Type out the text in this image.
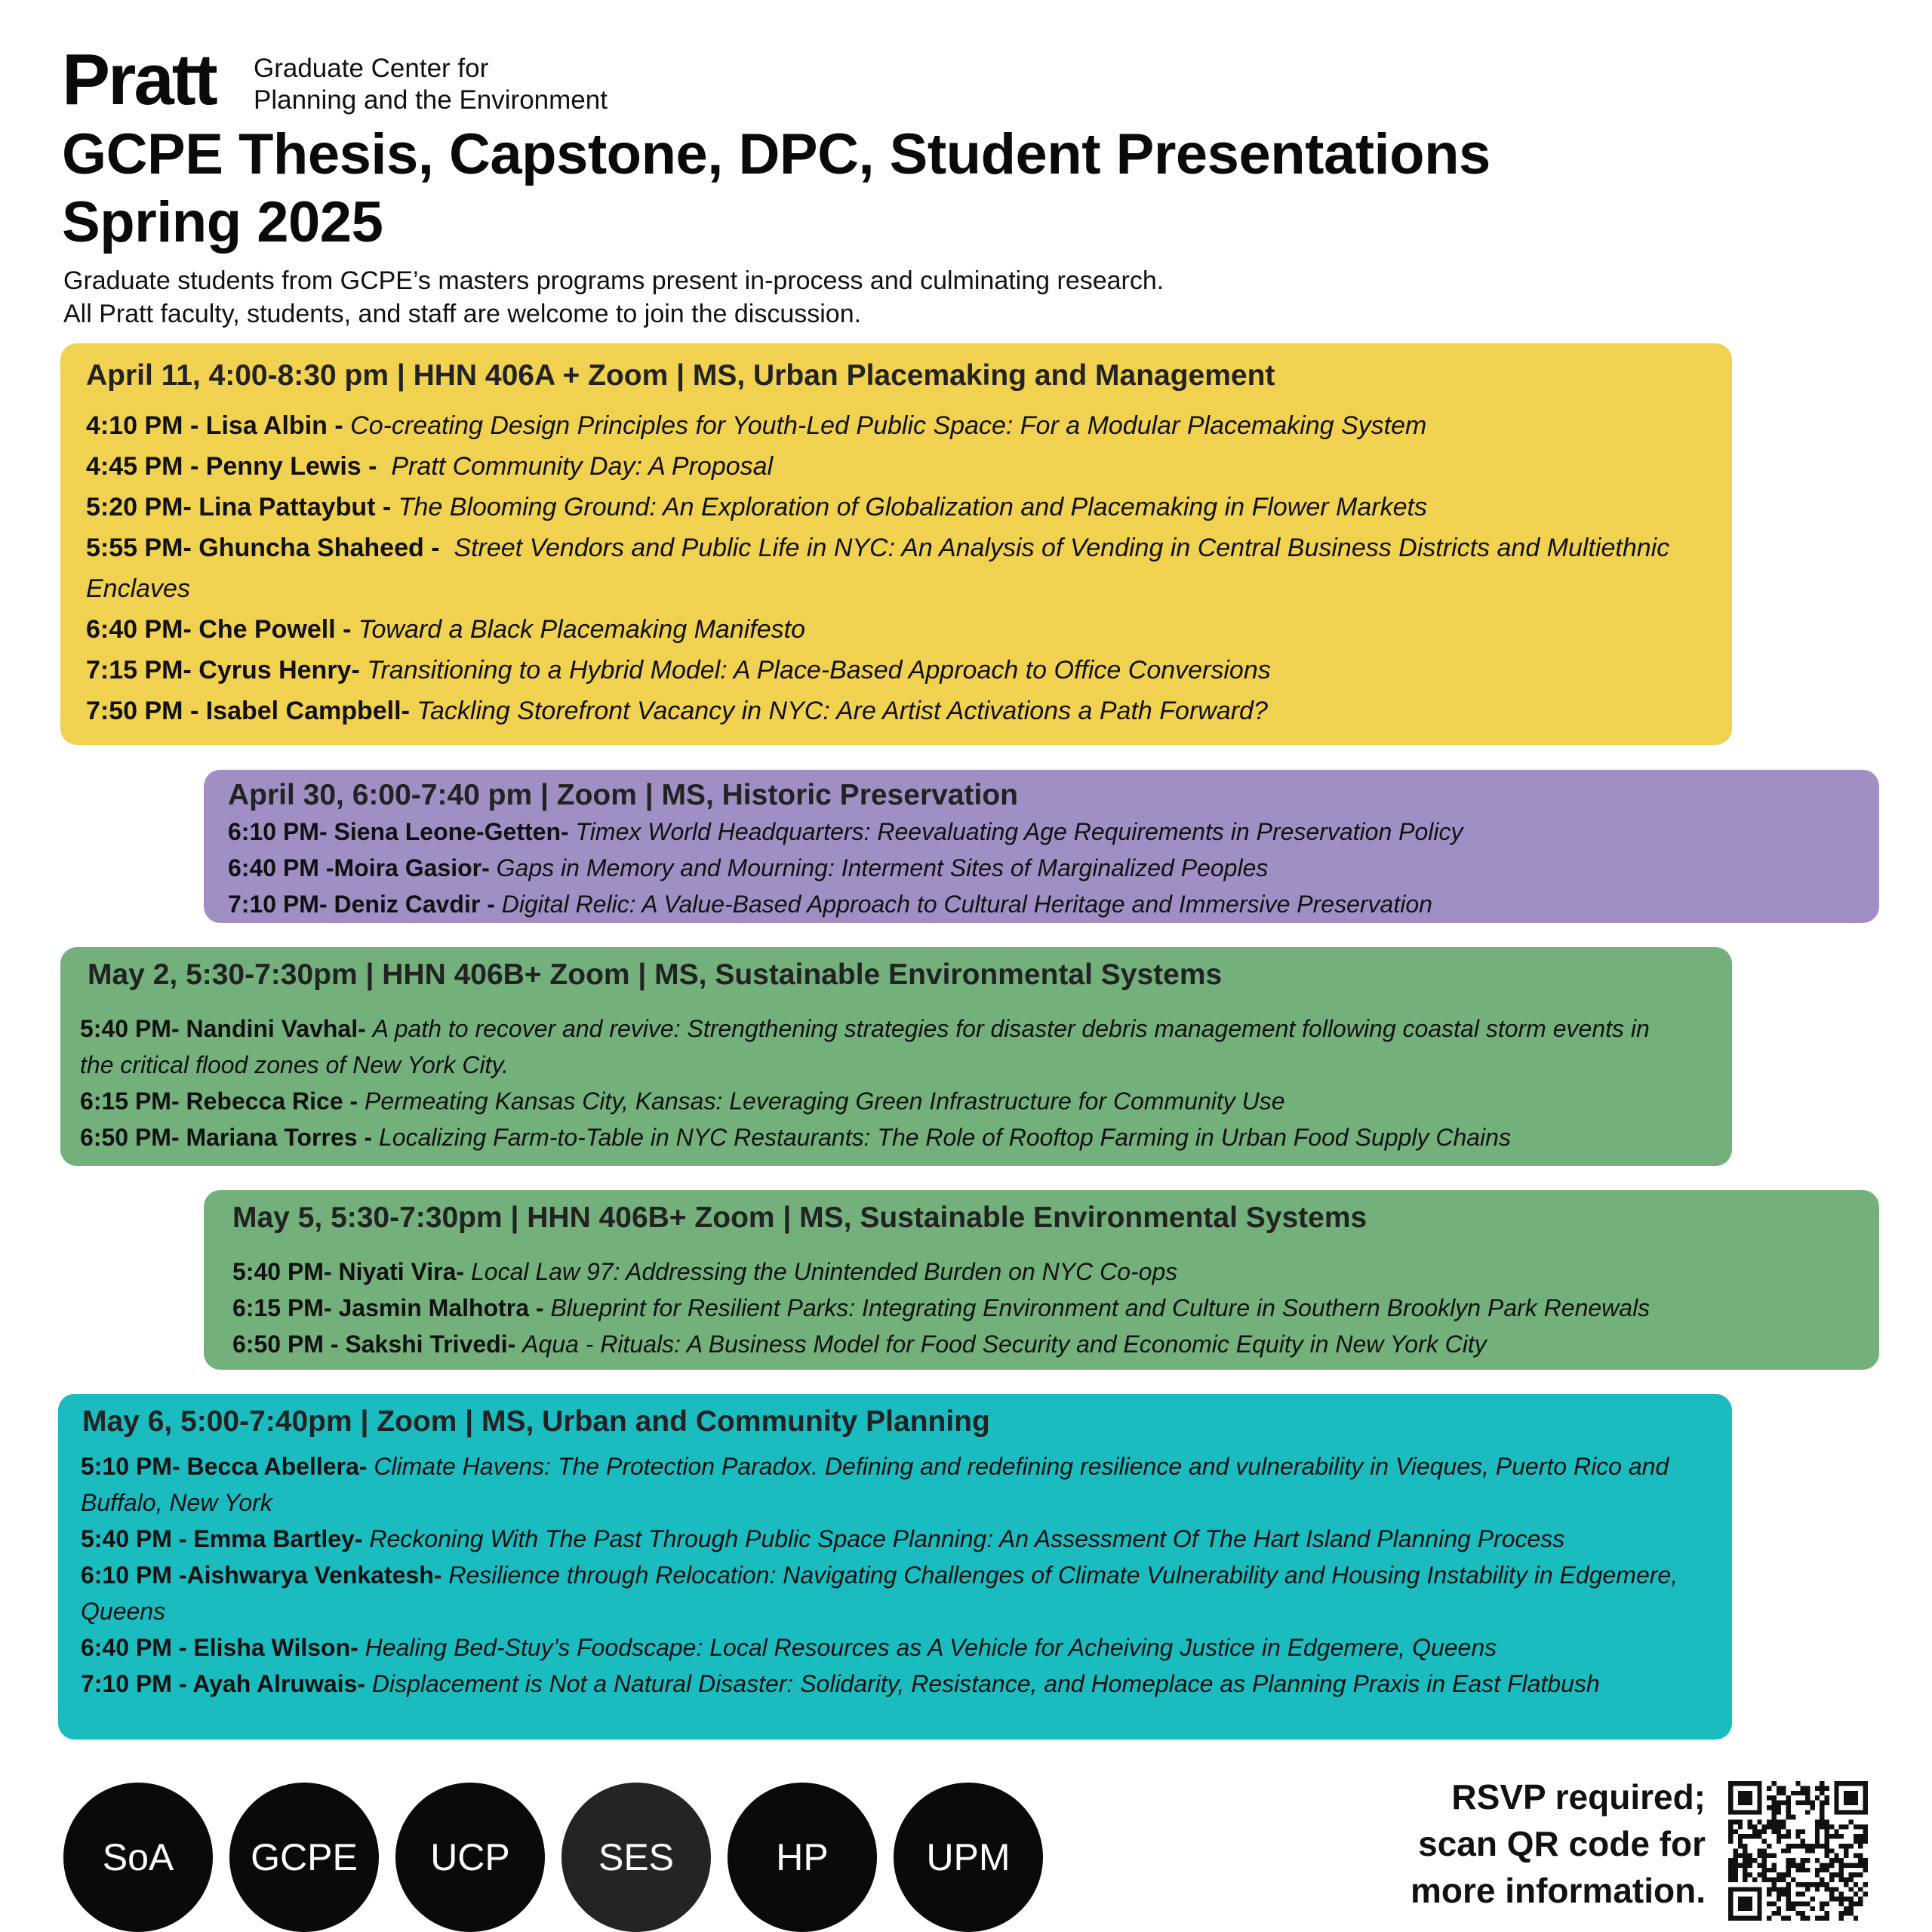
Pratt Graduate Center for
Planning and the Environment
GCPE Thesis, Capstone, DPC, Student Presentations
Spring 2025
Graduate students from GCPE’s masters programs present in-process and culminating research.
All Pratt faculty, students, and staff are welcome to join the discussion.
April 11, 4:00-8:30 pm | HHN 406A + Zoom | MS, Urban Placemaking and Management
4:10 PM - Lisa Albin - Co-creating Design Principles for Youth-Led Public Space: For a Modular Placemaking System
4:45 PM - Penny Lewis - Pratt Community Day: A Proposal
5:20 PM- Lina Pattaybut - The Blooming Ground: An Exploration of Globalization and Placemaking in Flower Markets
5:55 PM- Ghuncha Shaheed - Street Vendors and Public Life in NYC: An Analysis of Vending in Central Business Districts and Multiethnic Enclaves
6:40 PM- Che Powell - Toward a Black Placemaking Manifesto
7:15 PM- Cyrus Henry- Transitioning to a Hybrid Model: A Place-Based Approach to Office Conversions
7:50 PM - Isabel Campbell- Tackling Storefront Vacancy in NYC: Are Artist Activations a Path Forward?
April 30, 6:00-7:40 pm | Zoom | MS, Historic Preservation
6:10 PM- Siena Leone-Getten- Timex World Headquarters: Reevaluating Age Requirements in Preservation Policy
6:40 PM -Moira Gasior- Gaps in Memory and Mourning: Interment Sites of Marginalized Peoples
7:10 PM- Deniz Cavdir - Digital Relic: A Value-Based Approach to Cultural Heritage and Immersive Preservation
May 2, 5:30-7:30pm | HHN 406B+ Zoom | MS, Sustainable Environmental Systems
5:40 PM- Nandini Vavhal- A path to recover and revive: Strengthening strategies for disaster debris management following coastal storm events in the critical flood zones of New York City.
6:15 PM- Rebecca Rice - Permeating Kansas City, Kansas: Leveraging Green Infrastructure for Community Use
6:50 PM- Mariana Torres - Localizing Farm-to-Table in NYC Restaurants: The Role of Rooftop Farming in Urban Food Supply Chains
May 5, 5:30-7:30pm | HHN 406B+ Zoom | MS, Sustainable Environmental Systems
5:40 PM- Niyati Vira- Local Law 97: Addressing the Unintended Burden on NYC Co-ops
6:15 PM- Jasmin Malhotra - Blueprint for Resilient Parks: Integrating Environment and Culture in Southern Brooklyn Park Renewals
6:50 PM - Sakshi Trivedi- Aqua - Rituals: A Business Model for Food Security and Economic Equity in New York City
May 6, 5:00-7:40pm | Zoom | MS, Urban and Community Planning
5:10 PM- Becca Abellera- Climate Havens: The Protection Paradox. Defining and redefining resilience and vulnerability in Vieques, Puerto Rico and Buffalo, New York
5:40 PM - Emma Bartley- Reckoning With The Past Through Public Space Planning: An Assessment Of The Hart Island Planning Process
6:10 PM -Aishwarya Venkatesh- Resilience through Relocation: Navigating Challenges of Climate Vulnerability and Housing Instability in Edgemere, Queens
6:40 PM - Elisha Wilson- Healing Bed-Stuy’s Foodscape: Local Resources as A Vehicle for Acheiving Justice in Edgemere, Queens
7:10 PM - Ayah Alruwais- Displacement is Not a Natural Disaster: Solidarity, Resistance, and Homeplace as Planning Praxis in East Flatbush
SoA	GCPE	UCP	SES	HP	UPM
RSVP required;
scan QR code for
more information.
